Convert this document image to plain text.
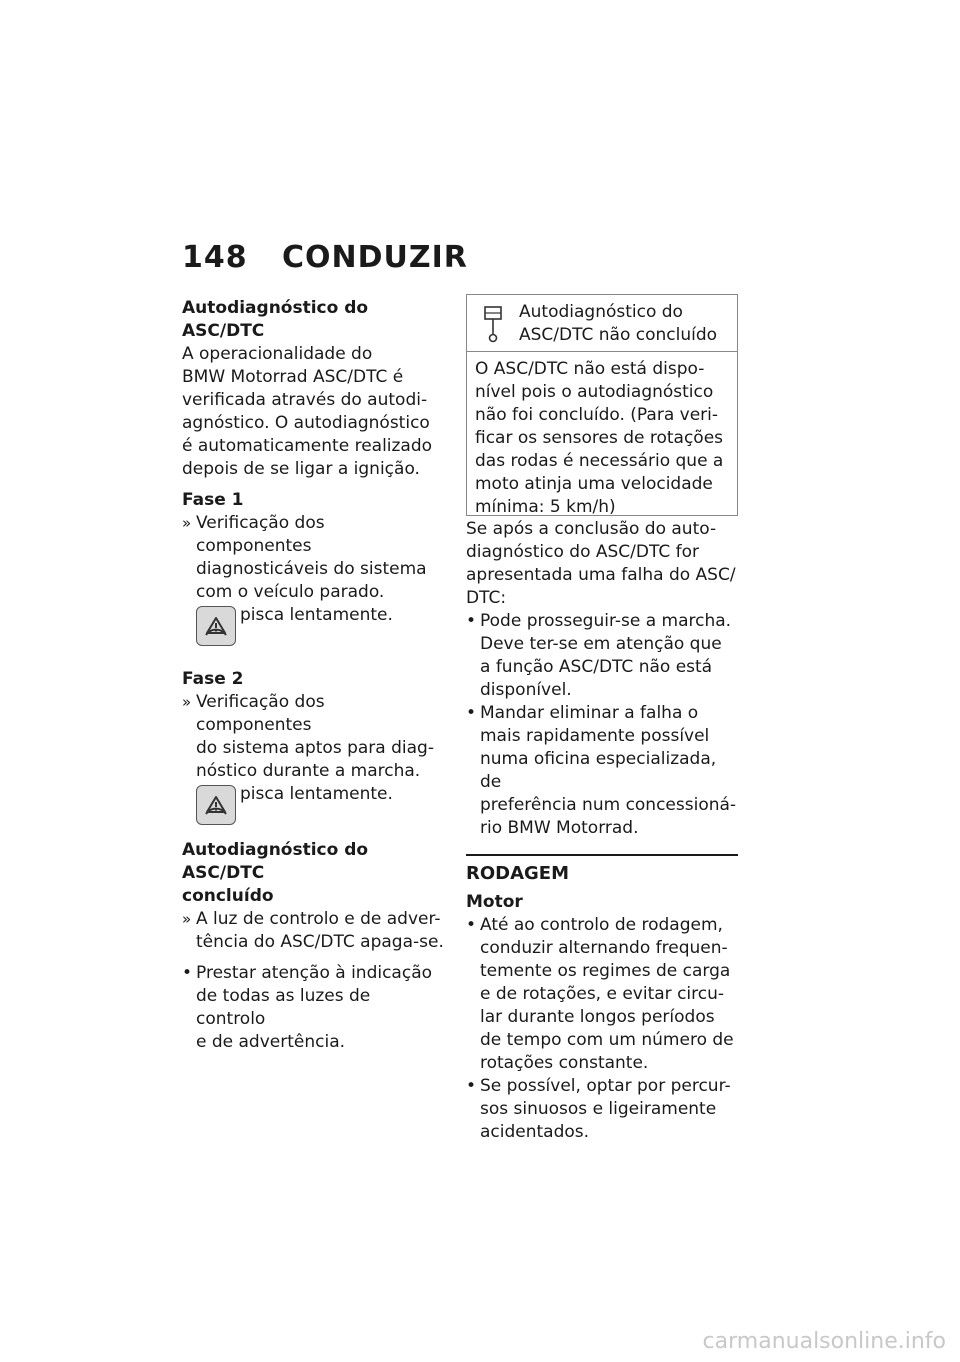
148 CONDUZIR

Autodiagnóstico do ASC/DTC

A operacionalidade do

BMW Motorrad ASC/DTC é

verificada através do autodi-

agnóstico. O autodiagnóstico

é automaticamente realizado

depois de se ligar a ignição.

Fase 1

» Verificação dos componentes

diagnosticáveis do sistema

com o veículo parado.

pisca lentamente.

Fase 2

» Verificação dos componentes

do sistema aptos para diag-

nóstico durante a marcha.

pisca lentamente.

Autodiagnóstico do ASC/DTC

concluído

» A luz de controlo e de adver-

tência do ASC/DTC apaga-se.

• Prestar atenção à indicação

de todas as luzes de controlo

e de advertência.

Autodiagnóstico do

ASC/DTC não concluído

O ASC/DTC não está dispo-

nível pois o autodiagnóstico

não foi concluído. (Para veri-

ficar os sensores de rotações

das rodas é necessário que a

moto atinja uma velocidade

mínima: 5 km/h)

Se após a conclusão do auto-

diagnóstico do ASC/DTC for

apresentada uma falha do ASC/

DTC:

• Pode prosseguir-se a marcha.

Deve ter-se em atenção que

a função ASC/DTC não está

disponível.

• Mandar eliminar a falha o

mais rapidamente possível

numa oficina especializada, de

preferência num concessioná-

rio BMW Motorrad.

RODAGEM

Motor

• Até ao controlo de rodagem,

conduzir alternando frequen-

temente os regimes de carga

e de rotações, e evitar circu-

lar durante longos períodos

de tempo com um número de

rotações constante.

• Se possível, optar por percur-

sos sinuosos e ligeiramente

acidentados.

carmanualsonline.info
